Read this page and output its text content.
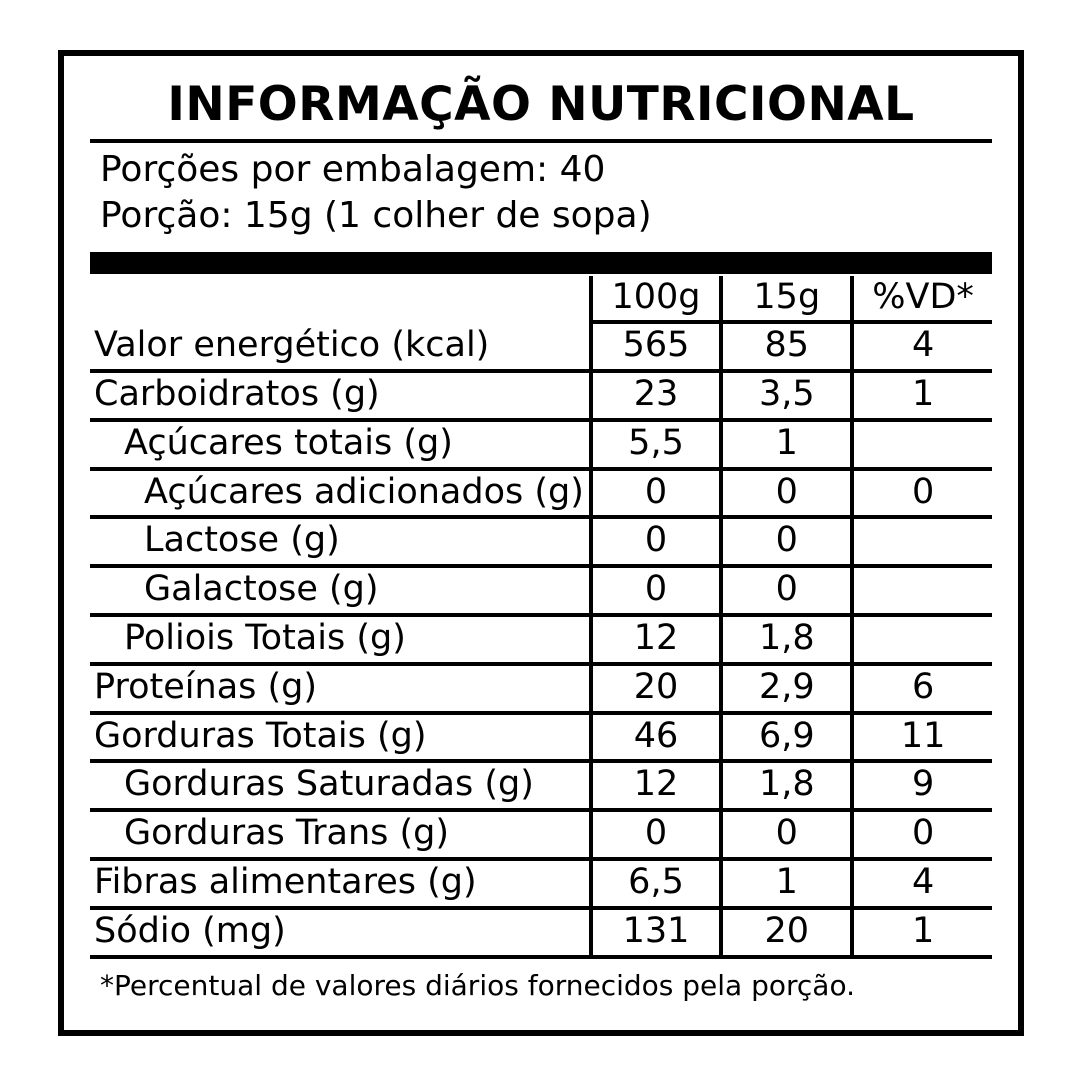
INFORMAÇÃO NUTRICIONAL
Porções por embalagem: 40
Porção: 15g (1 colher de sopa)
	100g	15g	%VD*
Valor energético (kcal)	565	85	4
Carboidratos (g)	23	3,5	1
Açúcares totais (g)	5,5	1	
Açúcares adicionados (g)	0	0	0
Lactose (g)	0	0	
Galactose (g)	0	0	
Poliois Totais (g)	12	1,8	
Proteínas (g)	20	2,9	6
Gorduras Totais (g)	46	6,9	11
Gorduras Saturadas (g)	12	1,8	9
Gorduras Trans (g)	0	0	0
Fibras alimentares (g)	6,5	1	4
Sódio (mg)	131	20	1
*Percentual de valores diários fornecidos pela porção.
